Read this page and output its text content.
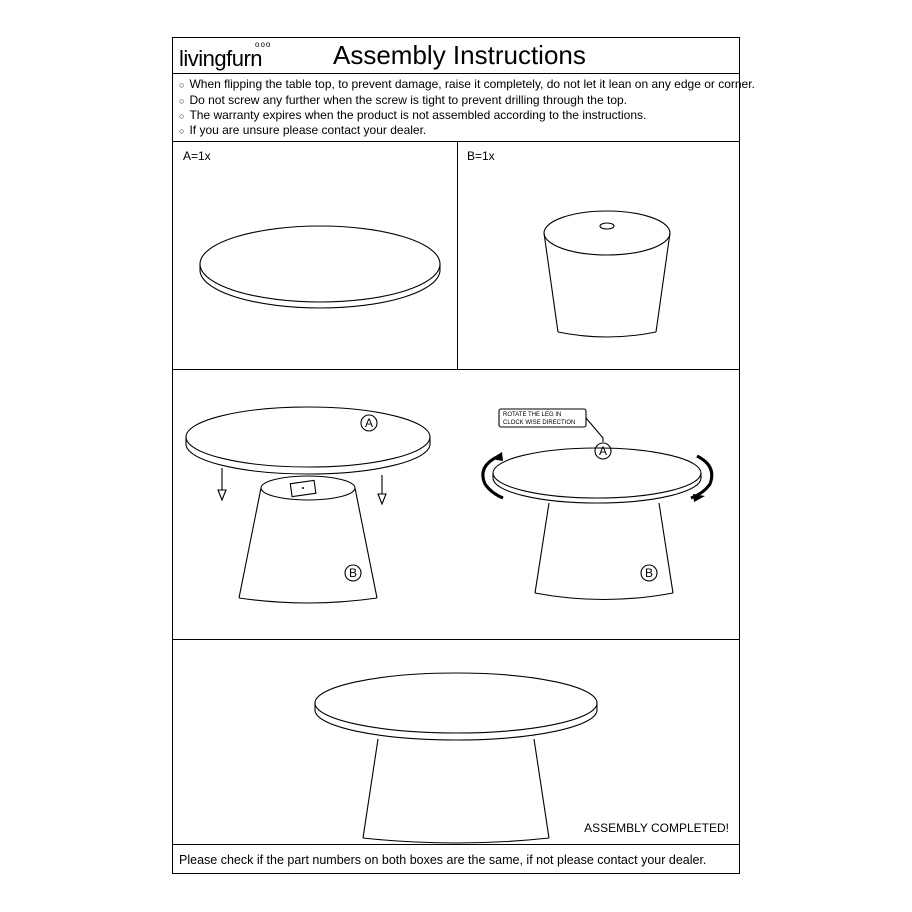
livingfurn
ooo Assembly Instructions
○ When flipping the table top, to prevent damage, raise it completely, do not let it lean on any edge or corner.
○ Do not screw any further when the screw is tight to prevent drilling through the top.
○ The warranty expires when the product is not assembled according to the instructions.
○ If you are unsure please contact your dealer.
A=1x	B=1x
A
B
ROTATE THE LEG IN
CLOCK WISE DIRECTION
A
B
ASSEMBLY COMPLETED!
Please check if the part numbers on both boxes are the same, if not please contact your dealer.
